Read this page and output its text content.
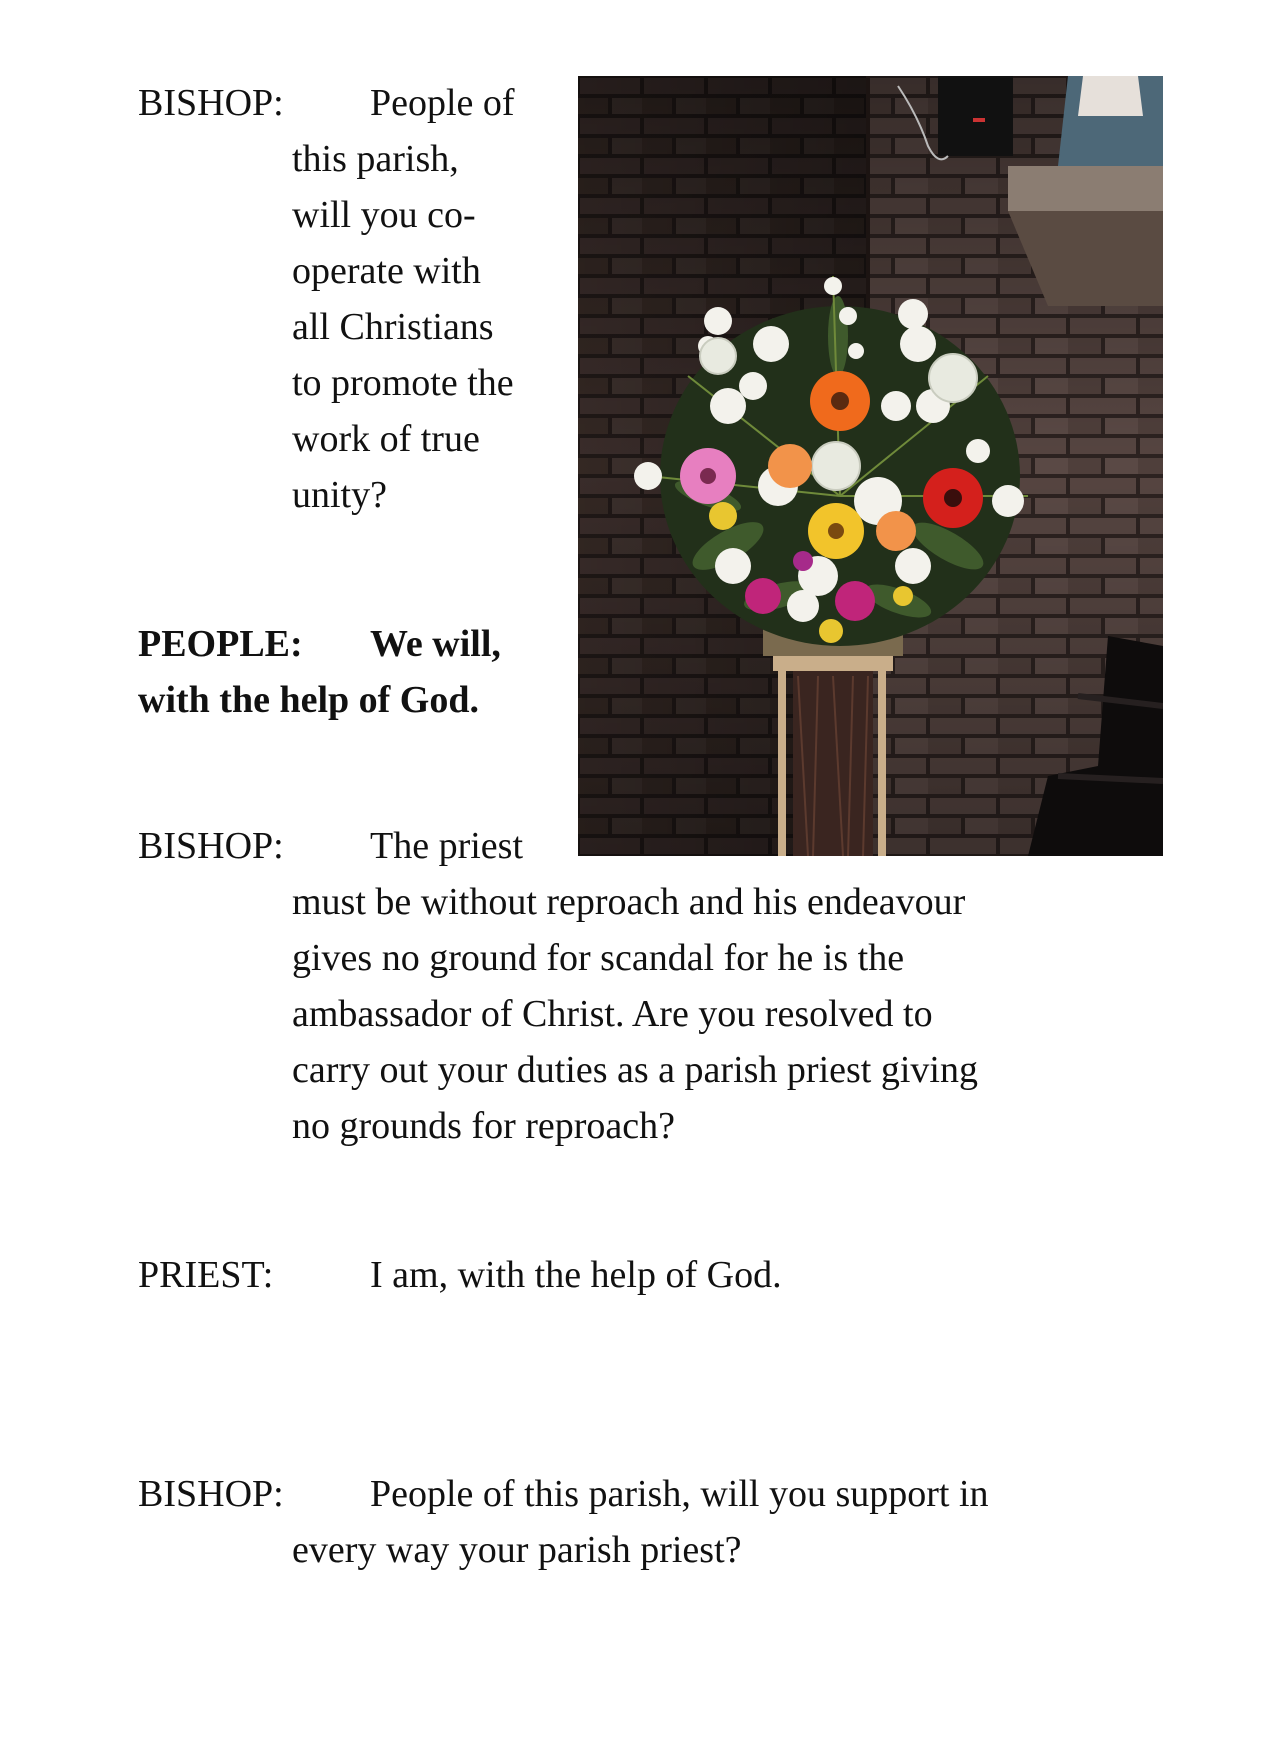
BISHOP: People of
this parish,
will you co-
operate with
all Christians
to promote the
work of true
unity?
PEOPLE: We will,
with the help of God.
BISHOP: The priest
must be without reproach and his endeavour
gives no ground for scandal for he is the
ambassador of Christ. Are you resolved to
carry out your duties as a parish priest giving
no grounds for reproach?
PRIEST:	I am, with the help of God.
BISHOP: People of this parish, will you support in
every way your parish priest?
